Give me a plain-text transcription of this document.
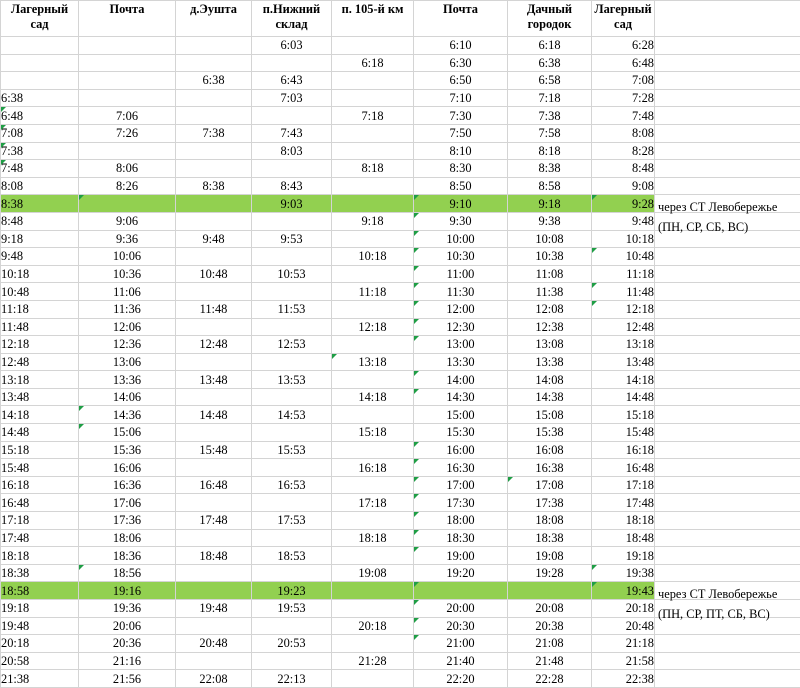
Лагерный сад	Почта	д.Эушта	п.Нижний склад	п. 105-й км	Почта	Дачный городок	Лагерный сад	
			6:03		6:10	6:18	6:28	
				6:18	6:30	6:38	6:48	
		6:38	6:43		6:50	6:58	7:08	
6:38			7:03		7:10	7:18	7:28	
6:48	7:06			7:18	7:30	7:38	7:48	
7:08	7:26	7:38	7:43		7:50	7:58	8:08	
7:38			8:03		8:10	8:18	8:28	
7:48	8:06			8:18	8:30	8:38	8:48	
8:08	8:26	8:38	8:43		8:50	8:58	9:08	
8:38			9:03		9:10	9:18	9:28	через СТ Левобережье (ПН, СР, СБ, ВС)

8:48	9:06			9:18	9:30	9:38	9:48	
9:18	9:36	9:48	9:53		10:00	10:08	10:18	
9:48	10:06			10:18	10:30	10:38	10:48

10:18	10:36	10:48	10:53		11:00	11:08	11:18	
10:48	11:06			11:18	11:30	11:38	11:48

11:18	11:36	11:48	11:53		12:00	12:08	12:18

11:48	12:06			12:18	12:30	12:38	12:48	
12:18	12:36	12:48	12:53		13:00	13:08	13:18	
12:48	13:06			13:18	13:30	13:38	13:48	
13:18	13:36	13:48	13:53		14:00	14:08	14:18	
13:48	14:06			14:18	14:30	14:38	14:48	
14:18	14:36	14:48	14:53		15:00	15:08	15:18	
14:48	15:06			15:18	15:30	15:38	15:48	
15:18	15:36	15:48	15:53		16:00	16:08	16:18	
15:48	16:06			16:18	16:30	16:38	16:48	
16:18	16:36	16:48	16:53		17:00	17:08	17:18	
16:48	17:06			17:18	17:30	17:38	17:48	
17:18	17:36	17:48	17:53		18:00	18:08	18:18	
17:48	18:06			18:18	18:30	18:38	18:48	
18:18	18:36	18:48	18:53		19:00	19:08	19:18	
18:38	18:56			19:08	19:20	19:28	19:38

18:58	19:16		19:23				19:43	через СТ Левобережье (ПН, СР, ПТ, СБ, ВС)

19:18	19:36	19:48	19:53		20:00	20:08	20:18	
19:48	20:06			20:18	20:30	20:38	20:48	
20:18	20:36	20:48	20:53		21:00	21:08	21:18	
20:58	21:16			21:28	21:40	21:48	21:58	
21:38	21:56	22:08	22:13		22:20	22:28	22:38	
